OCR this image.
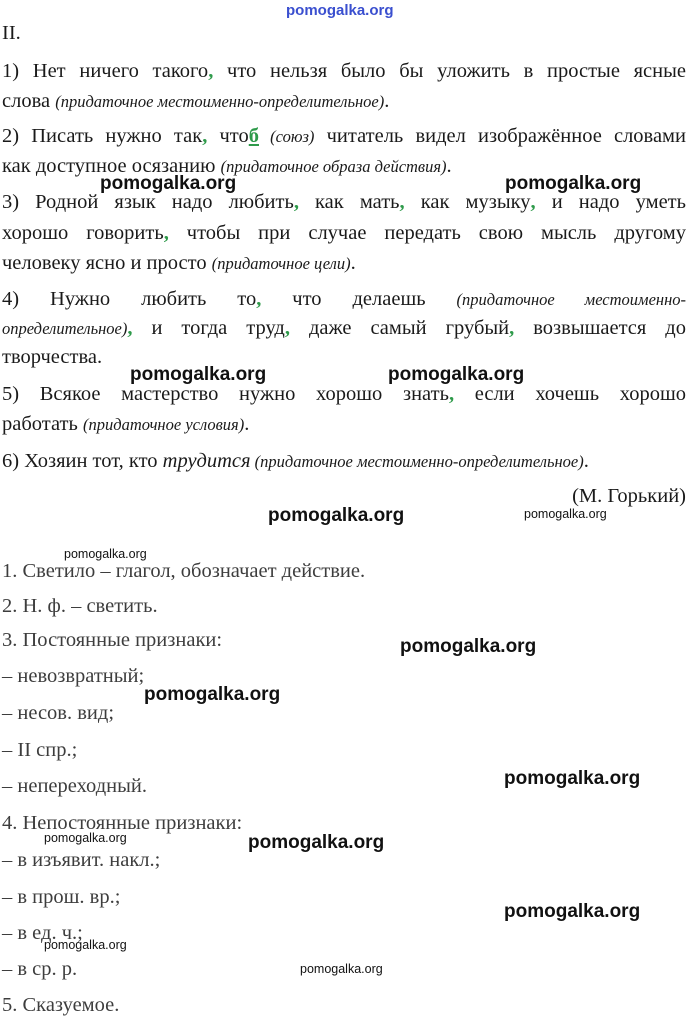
pomogalka.org
pomogalka.org	pomogalka.org
pomogalka.org	pomogalka.org
pomogalka.org	pomogalka.org
pomogalka.org
pomogalka.org
pomogalka.org
pomogalka.org
pomogalka.org	pomogalka.org
pomogalka.org
pomogalka.org
pomogalka.org

II.

1) Нет ничего такого, что нельзя было бы уложить в простые ясные

слова (придаточное местоименно-определительное).

2) Писать нужно так, чтоб (союз) читатель видел изображённое словами

как доступное осязанию (придаточное образа действия).

3) Родной язык надо любить, как мать, как музыку, и надо уметь

хорошо говорить, чтобы при случае передать свою мысль другому

человеку ясно и просто (придаточное цели).

4) Нужно любить то, что делаешь (придаточное местоименно-

определительное), и тогда труд, даже самый грубый, возвышается до

творчества.

5) Всякое мастерство нужно хорошо знать, если хочешь хорошо

работать (придаточное условия).

6) Хозяин тот, кто трудится (придаточное местоименно-определительное).

(М. Горький)

1. Светило – глагол, обозначает действие.

2. Н. ф. – светить.

3. Постоянные признаки:

– невозвратный;

– несов. вид;

– II спр.;

– непереходный.

4. Непостоянные признаки:

– в изъявит. накл.;

– в прош. вр.;

– в ед. ч.;

– в ср. р.

5. Сказуемое.
